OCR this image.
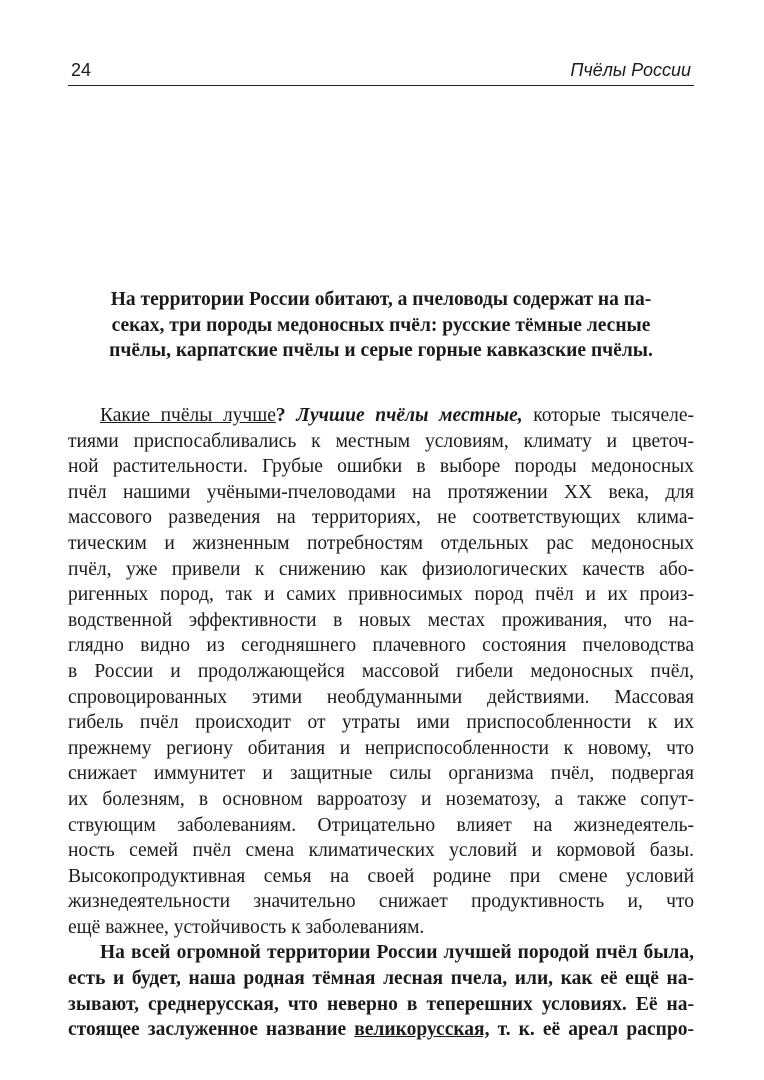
24	Пчёлы России
На территории России обитают, а пчеловоды содержат на па-
секах, три породы медоносных пчёл: русские тёмные лесные
пчёлы, карпатские пчёлы и серые горные кавказские пчёлы.
Какие пчёлы лучше? Лучшие пчёлы местные, которые тысячеле-
тиями приспосабливались к местным условиям, климату и цветоч-
ной растительности. Грубые ошибки в выборе породы медоносных
пчёл нашими учёными-пчеловодами на протяжении ХХ века, для
массового разведения на территориях, не соответствующих клима-
тическим и жизненным потребностям отдельных рас медоносных
пчёл, уже привели к снижению как физиологических качеств або-
ригенных пород, так и самих привносимых пород пчёл и их произ-
водственной эффективности в новых местах проживания, что на-
глядно видно из сегодняшнего плачевного состояния пчеловодства
в России и продолжающейся массовой гибели медоносных пчёл,
спровоцированных этими необдуманными действиями. Массовая
гибель пчёл происходит от утраты ими приспособленности к их
прежнему региону обитания и неприспособленности к новому, что
снижает иммунитет и защитные силы организма пчёл, подвергая
их болезням, в основном варроатозу и нозематозу, а также сопут-
ствующим заболеваниям. Отрицательно влияет на жизнедеятель-
ность семей пчёл смена климатических условий и кормовой базы.
Высокопродуктивная семья на своей родине при смене условий
жизнедеятельности значительно снижает продуктивность и, что
ещё важнее, устойчивость к заболеваниям.
На всей огромной территории России лучшей породой пчёл была,
есть и будет, наша родная тёмная лесная пчела, или, как её ещё на-
зывают, среднерусская, что неверно в теперешних условиях. Её на-
стоящее заслуженное название великорусская, т. к. её ареал распро-
